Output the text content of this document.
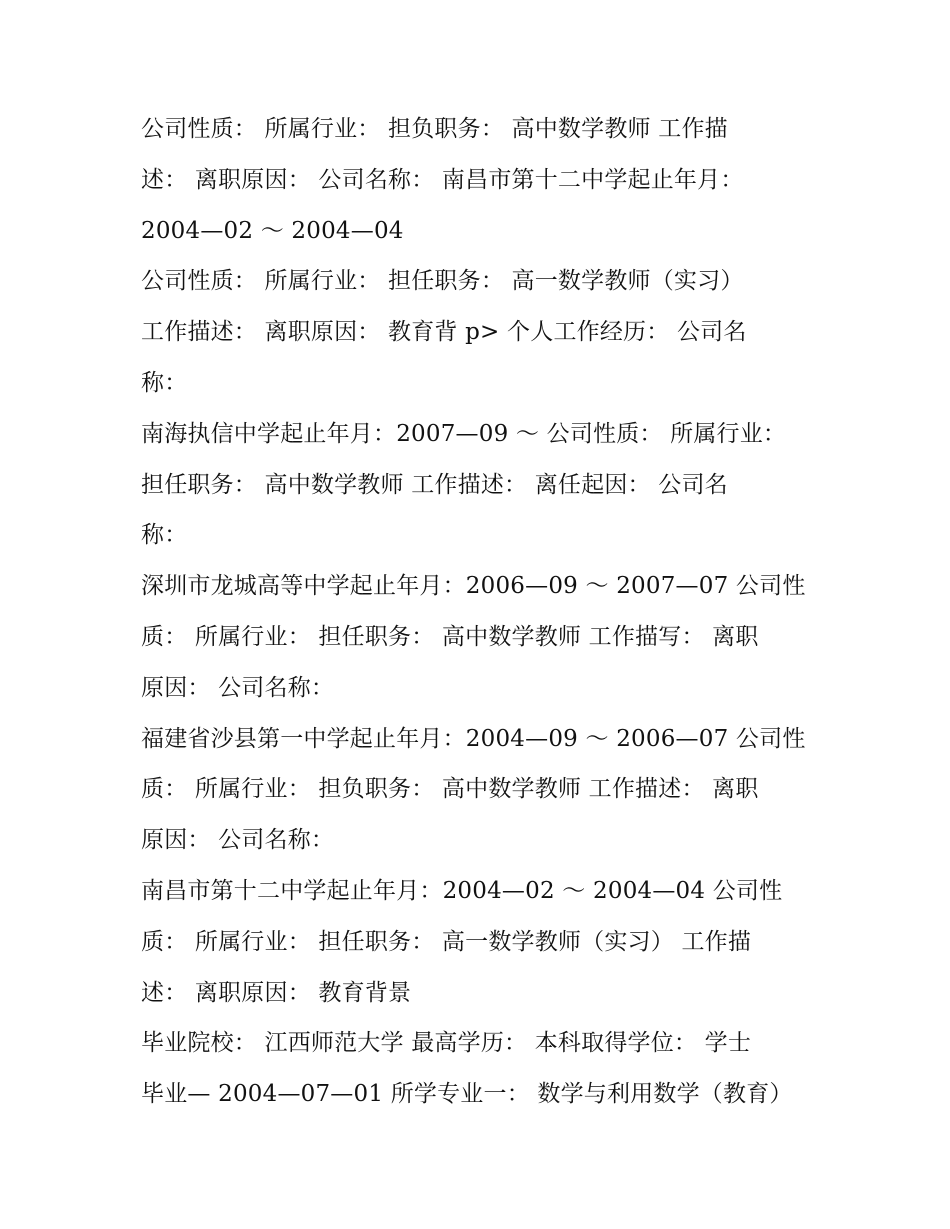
公司性质： 所属行业： 担负职务： 高中数学教师 工作描
述： 离职原因： 公司名称： 南昌市第十二中学起止年月：
2004—02 ～ 2004—04
公司性质： 所属行业： 担任职务： 高一数学教师（实习）
工作描述： 离职原因： 教育背 p> 个人工作经历： 公司名
称：
南海执信中学起止年月：2007—09 ～ 公司性质： 所属行业：
担任职务： 高中数学教师 工作描述： 离任起因： 公司名
称：
深圳市龙城高等中学起止年月：2006—09 ～ 2007—07 公司性
质： 所属行业： 担任职务： 高中数学教师 工作描写： 离职
原因： 公司名称：
福建省沙县第一中学起止年月：2004—09 ～ 2006—07 公司性
质： 所属行业： 担负职务： 高中数学教师 工作描述： 离职
原因： 公司名称：
南昌市第十二中学起止年月：2004—02 ～ 2004—04 公司性
质： 所属行业： 担任职务： 高一数学教师（实习） 工作描
述： 离职原因： 教育背景
毕业院校： 江西师范大学 最高学历： 本科取得学位： 学士
毕业— 2004—07—01 所学专业一： 数学与利用数学（教育）
